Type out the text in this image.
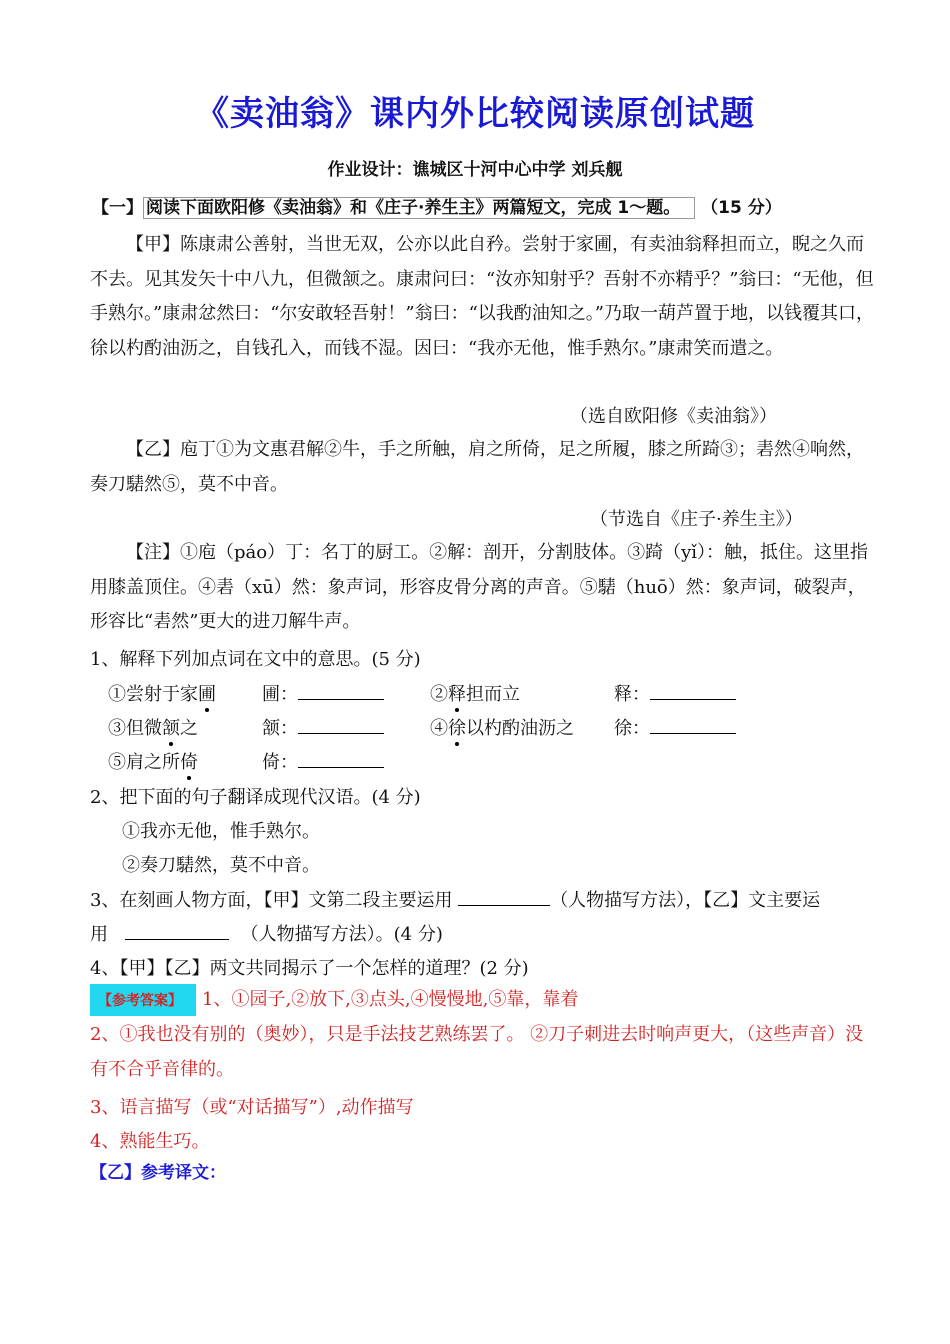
《卖油翁》课内外比较阅读原创试题
作业设计：谯城区十河中心中学 刘兵舰
【一】 阅读下面欧阳修《卖油翁》和《庄子·养生主》两篇短文，完成 1～题。 （15 分）
【甲】陈康肃公善射，当世无双，公亦以此自矜。尝射于家圃，有卖油翁释担而立，睨之久而不去。见其发矢十中八九，但微颔之。康肃问曰：“汝亦知射乎？吾射不亦精乎？”翁曰：“无他，但手熟尔。”康肃忿然曰：“尔安敢轻吾射！”翁曰：“以我酌油知之。”乃取一葫芦置于地，以钱覆其口，徐以杓酌油沥之，自钱孔入，而钱不湿。因曰：“我亦无他，惟手熟尔。”康肃笑而遣之。
（选自欧阳修《卖油翁》）
【乙】庖丁①为文惠君解②牛，手之所触，肩之所倚，足之所履，膝之所踦③；砉然④响然，奏刀騞然⑤，莫不中音。
（节选自《庄子·养生主》）
【注】①庖（páo）丁：名丁的厨工。②解：剖开，分割肢体。③踦（yǐ）：触，抵住。这里指用膝盖顶住。④砉（xū）然：象声词，形容皮骨分离的声音。⑤騞（huō）然：象声词，破裂声，形容比“砉然”更大的进刀解牛声。
1、解释下列加点词在文中的意思。(5 分)
①尝射于家圃	圃：	②释担而立	释：
③但微颔之	颔：	④徐以杓酌油沥之 徐：
⑤肩之所倚	倚：
2、把下面的句子翻译成现代汉语。(4 分)
①我亦无他，惟手熟尔。
②奏刀騞然，莫不中音。
3、在刻画人物方面，【甲】文第二段主要运用	（人物描写方法），【乙】文主要运
用	（人物描写方法）。(4 分)
4、【甲】【乙】两文共同揭示了一个怎样的道理？(2 分)
【参考答案】 1、①园子,②放下,③点头,④慢慢地,⑤靠，靠着
2、①我也没有别的（奥妙），只是手法技艺熟练罢了。 ②刀子刺进去时响声更大，（这些声音）没有不合乎音律的。
3、语言描写（或“对话描写”）,动作描写
4、熟能生巧。
【乙】参考译文：
